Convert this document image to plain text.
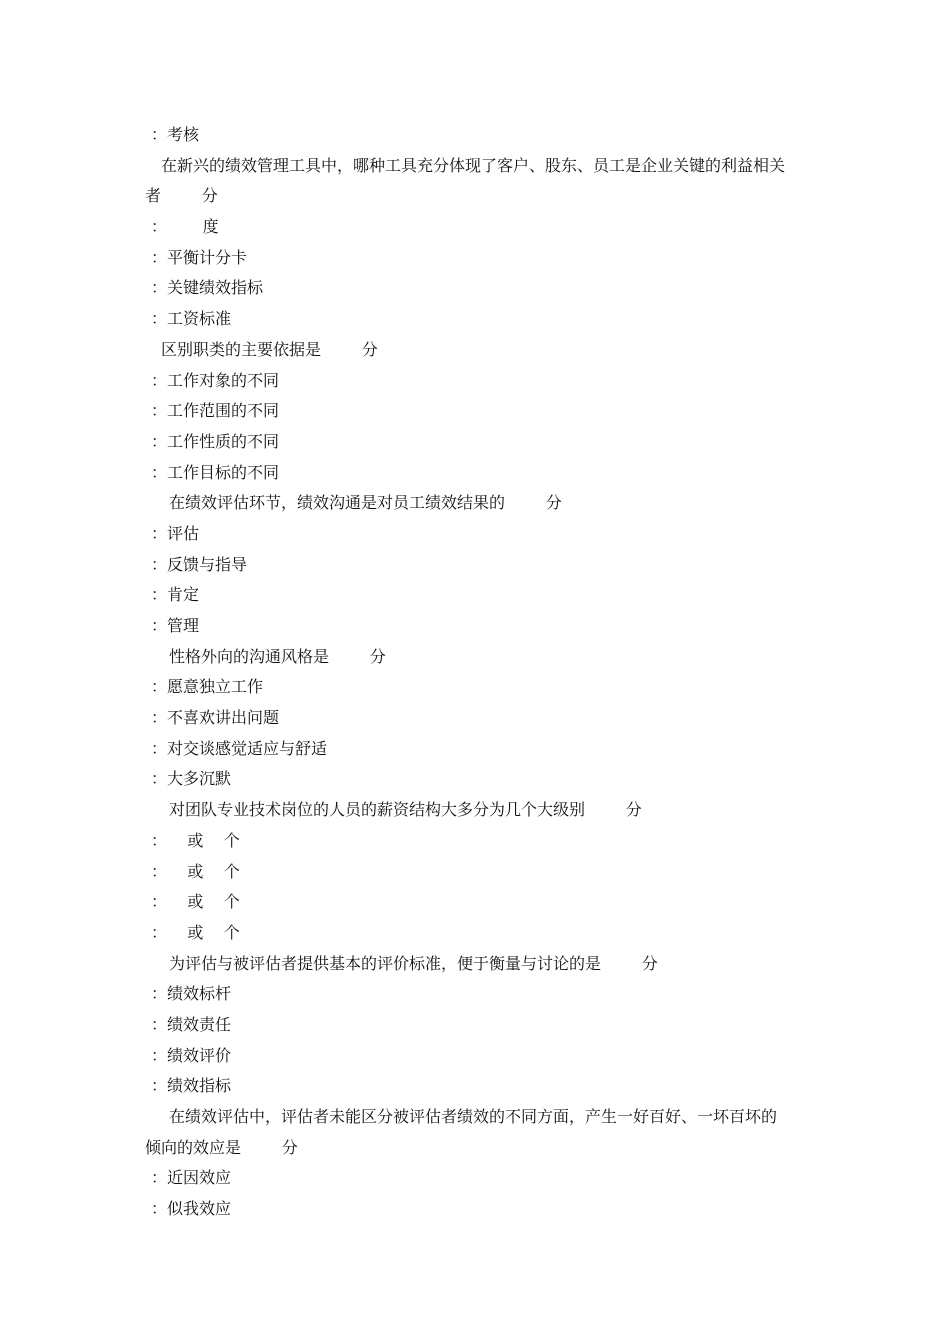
：考核
在新兴的绩效管理工具中，哪种工具充分体现了客户、股东、员工是企业关键的利益相关
者        分
：       度
：平衡计分卡
：关键绩效指标
：工资标准
区别职类的主要依据是        分
：工作对象的不同
：工作范围的不同
：工作性质的不同
：工作目标的不同
在绩效评估环节，绩效沟通是对员工绩效结果的        分
：评估
：反馈与指导
：肯定
：管理
性格外向的沟通风格是        分
：愿意独立工作
：不喜欢讲出问题
：对交谈感觉适应与舒适
：大多沉默
对团队专业技术岗位的人员的薪资结构大多分为几个大级别        分
：    或    个
：    或    个
：    或    个
：    或    个
为评估与被评估者提供基本的评价标准，便于衡量与讨论的是        分
：绩效标杆
：绩效责任
：绩效评价
：绩效指标
在绩效评估中，评估者未能区分被评估者绩效的不同方面，产生一好百好、一坏百坏的
倾向的效应是        分
：近因效应
：似我效应
